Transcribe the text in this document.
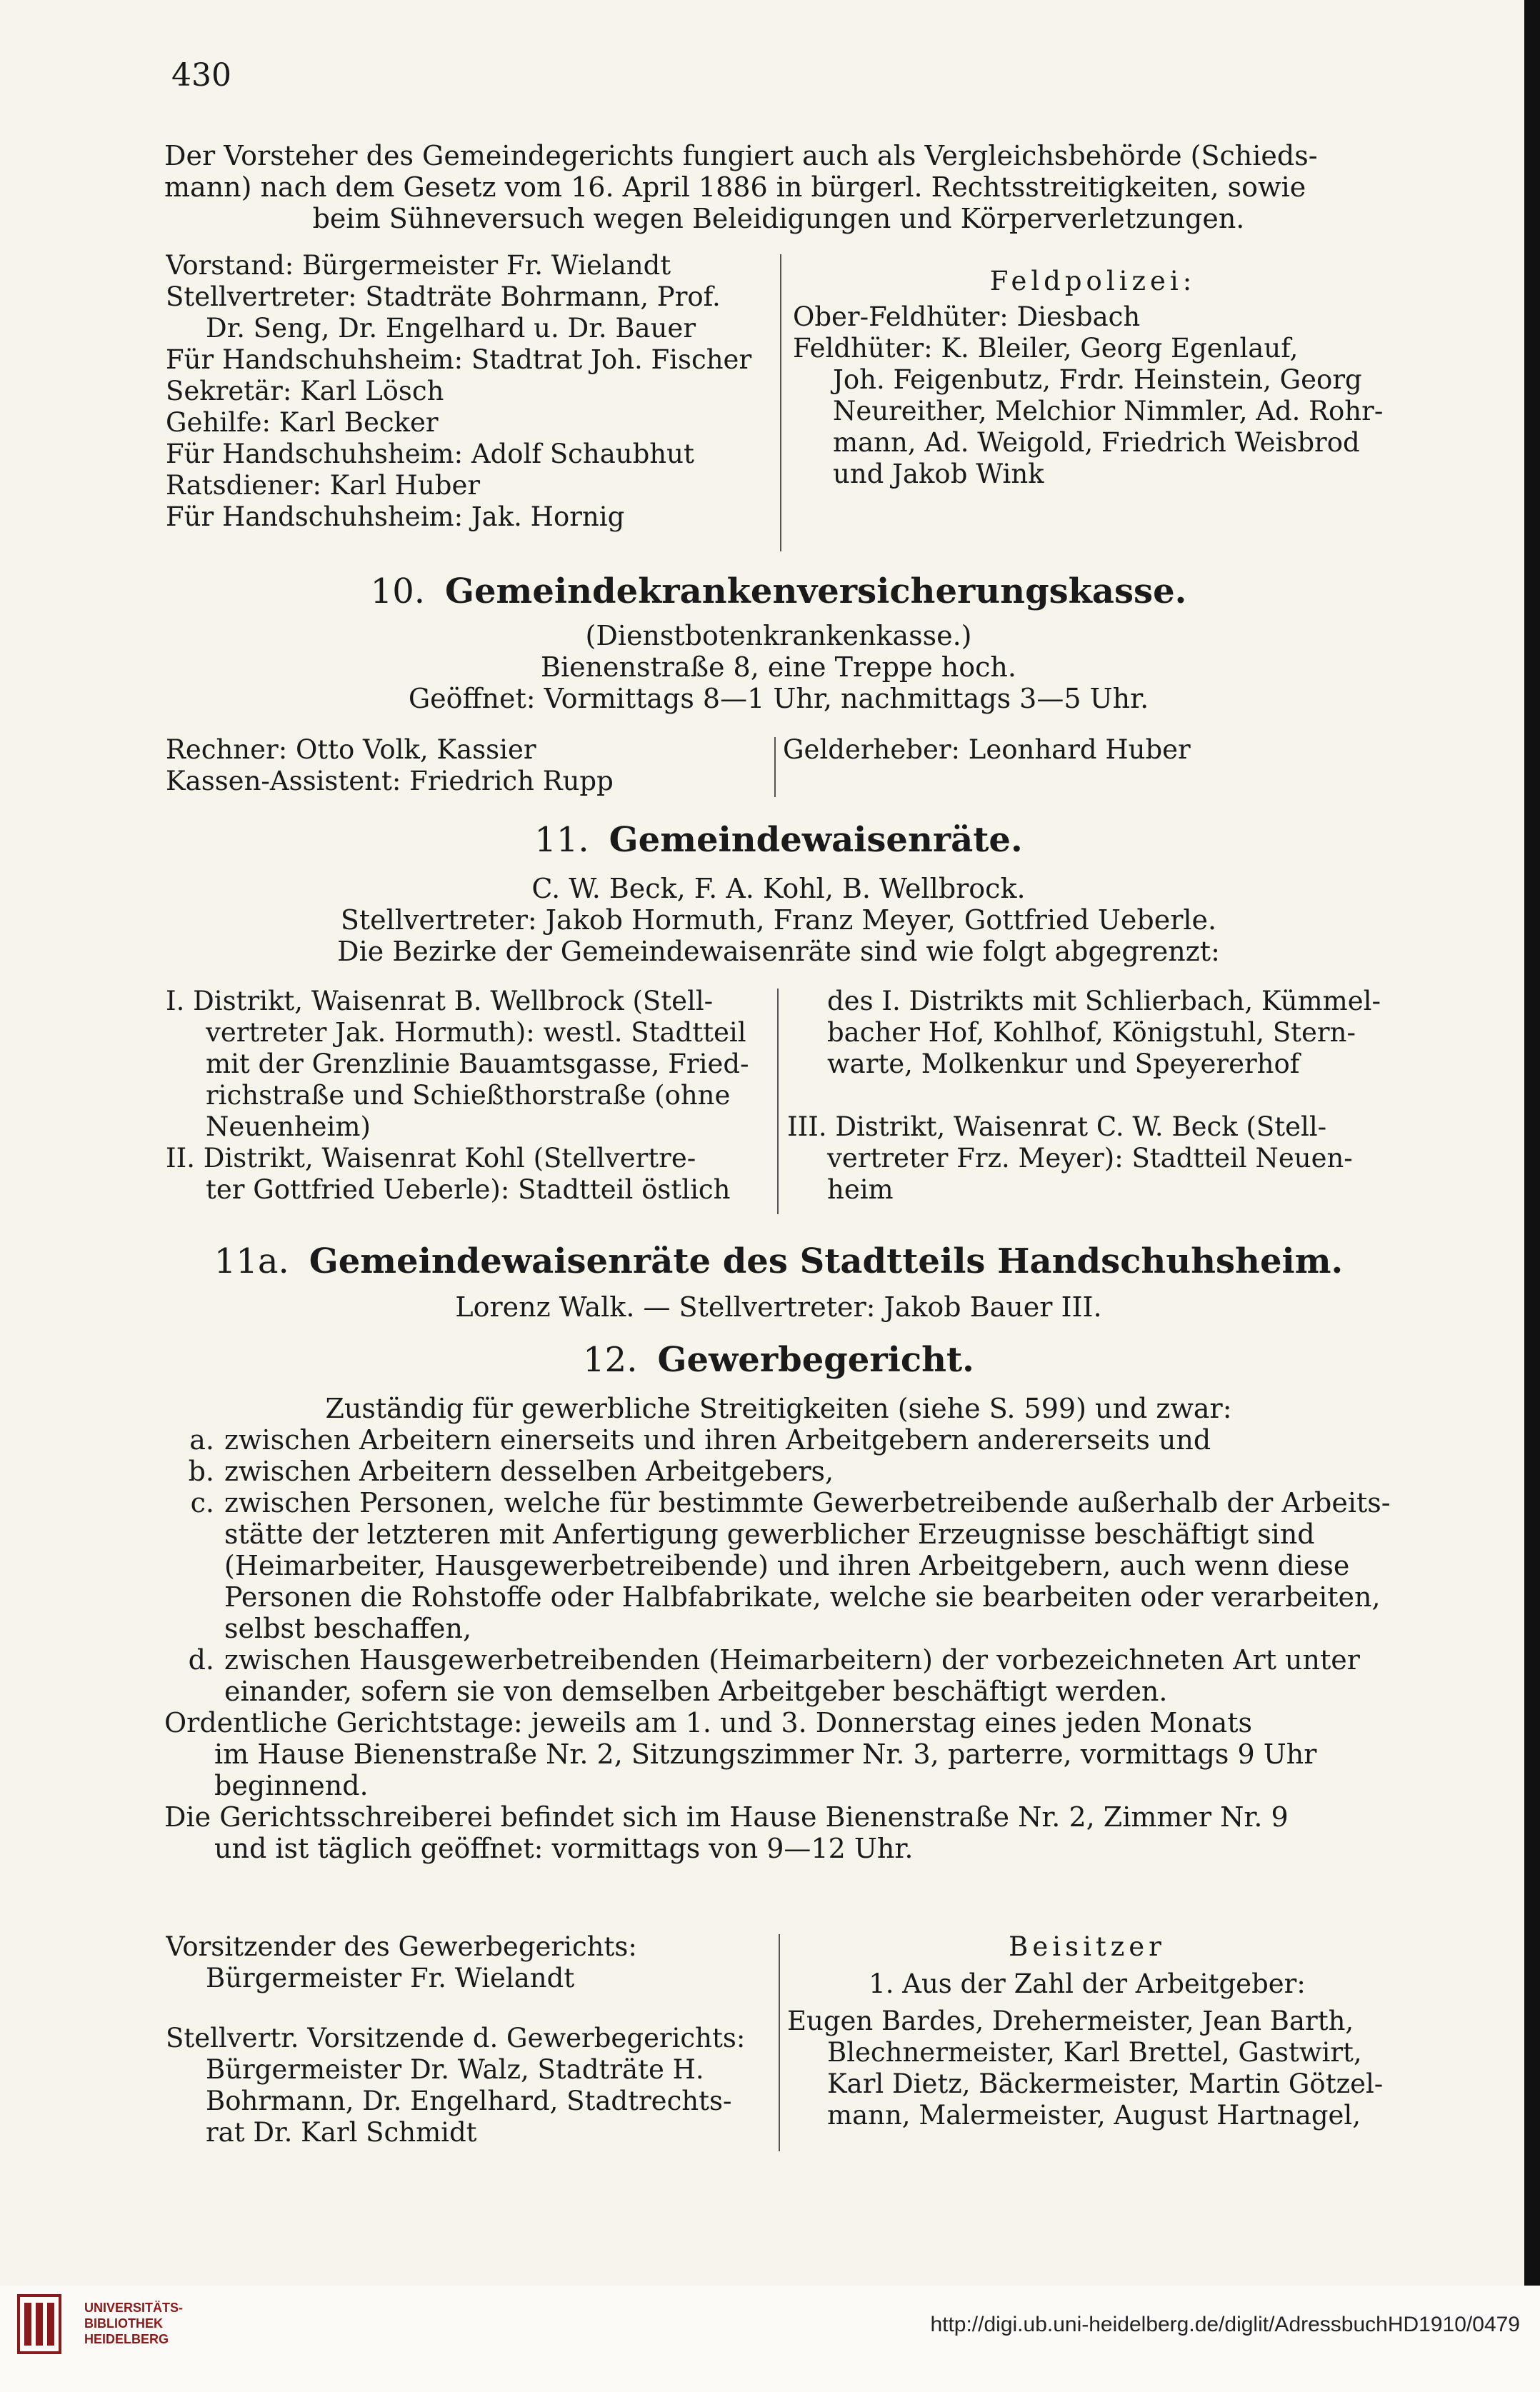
430
Der Vorsteher des Gemeindegerichts fungiert auch als Vergleichsbehörde (Schieds-
mann) nach dem Gesetz vom 16. April 1886 in bürgerl. Rechtsstreitigkeiten, sowie
beim Sühneversuch wegen Beleidigungen und Körperverletzungen.
Vorstand: Bürgermeister Fr. Wielandt
Stellvertreter: Stadträte Bohrmann, Prof.
Dr. Seng, Dr. Engelhard u. Dr. Bauer
Für Handschuhsheim: Stadtrat Joh. Fischer
Sekretär: Karl Lösch
Gehilfe: Karl Becker
Für Handschuhsheim: Adolf Schaubhut
Ratsdiener: Karl Huber
Für Handschuhsheim: Jak. Hornig
Feldpolizei:
Ober-Feldhüter: Diesbach
Feldhüter: K. Bleiler, Georg Egenlauf,
Joh. Feigenbutz, Frdr. Heinstein, Georg
Neureither, Melchior Nimmler, Ad. Rohr-
mann, Ad. Weigold, Friedrich Weisbrod
und Jakob Wink
10. Gemeindekrankenversicherungskasse.
(Dienstbotenkrankenkasse.)
Bienenstraße 8, eine Treppe hoch.
Geöffnet: Vormittags 8—1 Uhr, nachmittags 3—5 Uhr.
Rechner: Otto Volk, Kassier
Kassen-Assistent: Friedrich Rupp
Gelderheber: Leonhard Huber
11. Gemeindewaisenräte.
C. W. Beck, F. A. Kohl, B. Wellbrock.
Stellvertreter: Jakob Hormuth, Franz Meyer, Gottfried Ueberle.
Die Bezirke der Gemeindewaisenräte sind wie folgt abgegrenzt:
I. Distrikt, Waisenrat B. Wellbrock (Stell-
vertreter Jak. Hormuth): westl. Stadtteil
mit der Grenzlinie Bauamtsgasse, Fried-
richstraße und Schießthorstraße (ohne
Neuenheim)
II. Distrikt, Waisenrat Kohl (Stellvertre-
ter Gottfried Ueberle): Stadtteil östlich
des I. Distrikts mit Schlierbach, Kümmel-
bacher Hof, Kohlhof, Königstuhl, Stern-
warte, Molkenkur und Speyererhof
III. Distrikt, Waisenrat C. W. Beck (Stell-
vertreter Frz. Meyer): Stadtteil Neuen-
heim
11a. Gemeindewaisenräte des Stadtteils Handschuhsheim.
Lorenz Walk. — Stellvertreter: Jakob Bauer III.
12. Gewerbegericht.
Zuständig für gewerbliche Streitigkeiten (siehe S. 599) und zwar:
a. zwischen Arbeitern einerseits und ihren Arbeitgebern andererseits und
b. zwischen Arbeitern desselben Arbeitgebers,
c. zwischen Personen, welche für bestimmte Gewerbetreibende außerhalb der Arbeits-
stätte der letzteren mit Anfertigung gewerblicher Erzeugnisse beschäftigt sind
(Heimarbeiter, Hausgewerbetreibende) und ihren Arbeitgebern, auch wenn diese
Personen die Rohstoffe oder Halbfabrikate, welche sie bearbeiten oder verarbeiten,
selbst beschaffen,
d. zwischen Hausgewerbetreibenden (Heimarbeitern) der vorbezeichneten Art unter
einander, sofern sie von demselben Arbeitgeber beschäftigt werden.
Ordentliche Gerichtstage: jeweils am 1. und 3. Donnerstag eines jeden Monats
im Hause Bienenstraße Nr. 2, Sitzungszimmer Nr. 3, parterre, vormittags 9 Uhr
beginnend.
Die Gerichtsschreiberei befindet sich im Hause Bienenstraße Nr. 2, Zimmer Nr. 9
und ist täglich geöffnet: vormittags von 9—12 Uhr.
Vorsitzender des Gewerbegerichts:
Bürgermeister Fr. Wielandt
Stellvertr. Vorsitzende d. Gewerbegerichts:
Bürgermeister Dr. Walz, Stadträte H.
Bohrmann, Dr. Engelhard, Stadtrechts-
rat Dr. Karl Schmidt
Beisitzer
1. Aus der Zahl der Arbeitgeber:
Eugen Bardes, Drehermeister, Jean Barth,
Blechnermeister, Karl Brettel, Gastwirt,
Karl Dietz, Bäckermeister, Martin Götzel-
mann, Malermeister, August Hartnagel,
UNIVERSITÄTS-
BIBLIOTHEK
HEIDELBERG
http://digi.ub.uni-heidelberg.de/diglit/AdressbuchHD1910/0479
